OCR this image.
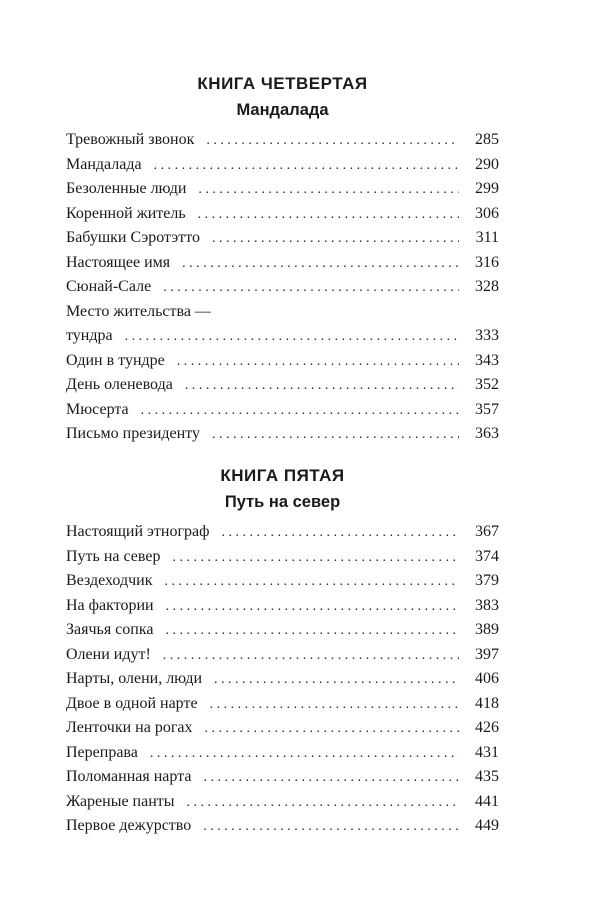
КНИГА ЧЕТВЕРТАЯ
Мандалада
Тревожный звонок . . .	285
Мандалада . . .	290
Безоленные люди . . .	299
Коренной житель . . .	306
Бабушки Сэротэтто . . .	311
Настоящее имя . . .	316
Сюнай-Сале . . .	328
Место жительства —
тундра . . .	333
Один в тундре . . .	343
День оленевода . . .	352
Мюсерта . . .	357
Письмо президенту . . .	363
КНИГА ПЯТАЯ
Путь на север
Настоящий этнограф . . .	367
Путь на север . . .	374
Вездеходчик . . .	379
На фактории . . .	383
Заячья сопка . . .	389
Олени идут! . . .	397
Нарты, олени, люди . . .	406
Двое в одной нарте . . .	418
Ленточки на рогах . . .	426
Переправа . . .	431
Поломанная нарта . . .	435
Жареные панты . . .	441
Первое дежурство . . .	449
